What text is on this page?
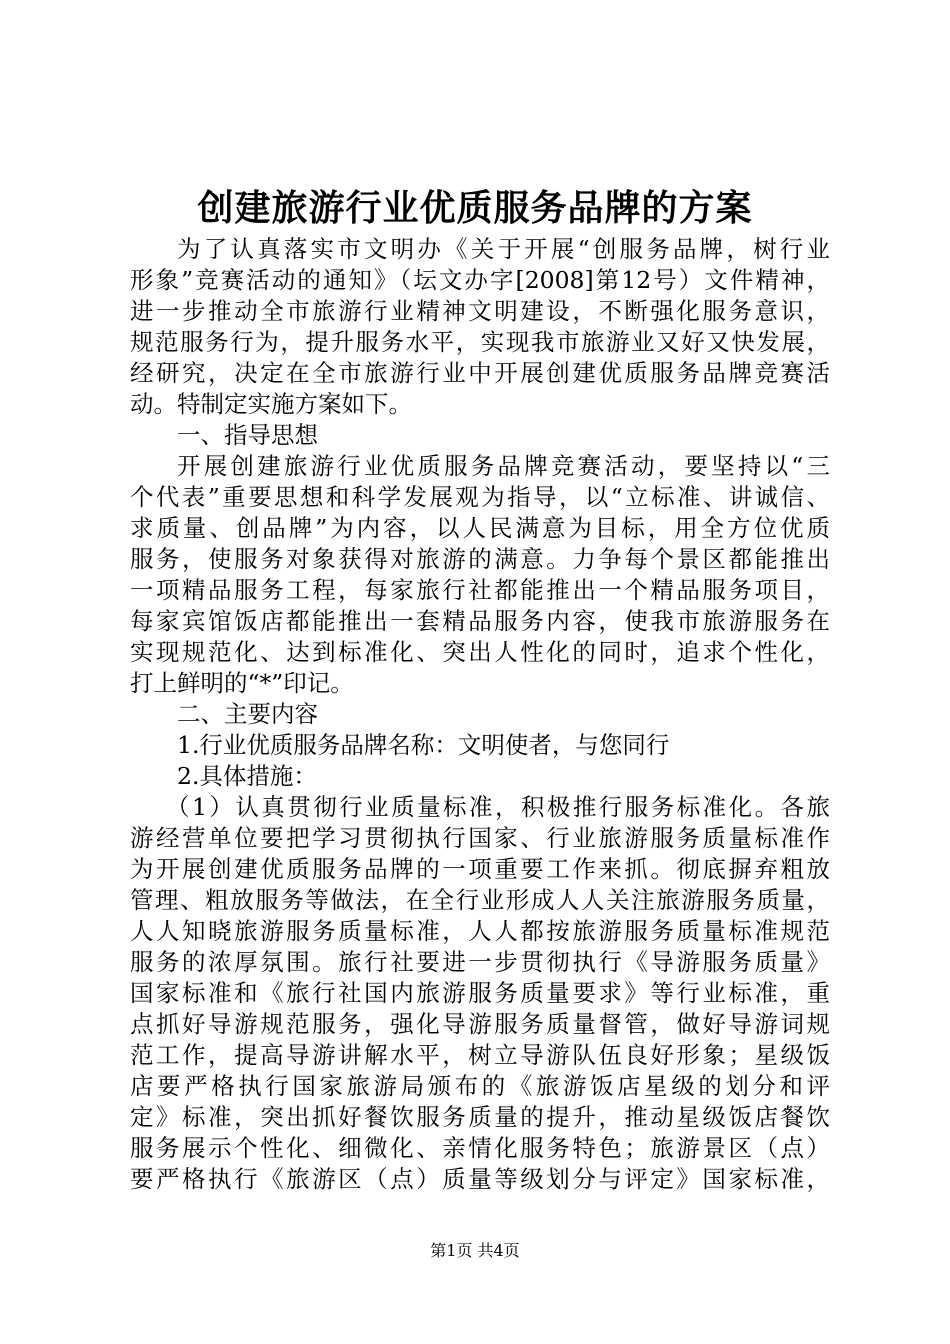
创建旅游行业优质服务品牌的方案
为了认真落实市文明办《关于开展“创服务品牌，树行业
形象”竞赛活动的通知》（坛文办字[2008]第12号）文件精神，
进一步推动全市旅游行业精神文明建设，不断强化服务意识，
规范服务行为，提升服务水平，实现我市旅游业又好又快发展，
经研究，决定在全市旅游行业中开展创建优质服务品牌竞赛活
动。特制定实施方案如下。
一、指导思想
开展创建旅游行业优质服务品牌竞赛活动，要坚持以“三
个代表”重要思想和科学发展观为指导，以“立标准、讲诚信、
求质量、创品牌”为内容，以人民满意为目标，用全方位优质
服务，使服务对象获得对旅游的满意。力争每个景区都能推出
一项精品服务工程，每家旅行社都能推出一个精品服务项目，
每家宾馆饭店都能推出一套精品服务内容，使我市旅游服务在
实现规范化、达到标准化、突出人性化的同时，追求个性化，
打上鲜明的“*”印记。
二、主要内容
1.行业优质服务品牌名称：文明使者，与您同行
2.具体措施：
（1）认真贯彻行业质量标准，积极推行服务标准化。各旅
游经营单位要把学习贯彻执行国家、行业旅游服务质量标准作
为开展创建优质服务品牌的一项重要工作来抓。彻底摒弃粗放
管理、粗放服务等做法，在全行业形成人人关注旅游服务质量，
人人知晓旅游服务质量标准，人人都按旅游服务质量标准规范
服务的浓厚氛围。旅行社要进一步贯彻执行《导游服务质量》
国家标准和《旅行社国内旅游服务质量要求》等行业标准，重
点抓好导游规范服务，强化导游服务质量督管，做好导游词规
范工作，提高导游讲解水平，树立导游队伍良好形象；星级饭
店要严格执行国家旅游局颁布的《旅游饭店星级的划分和评
定》标准，突出抓好餐饮服务质量的提升，推动星级饭店餐饮
服务展示个性化、细微化、亲情化服务特色；旅游景区（点）
要严格执行《旅游区（点）质量等级划分与评定》国家标准，
第1页 共4页
